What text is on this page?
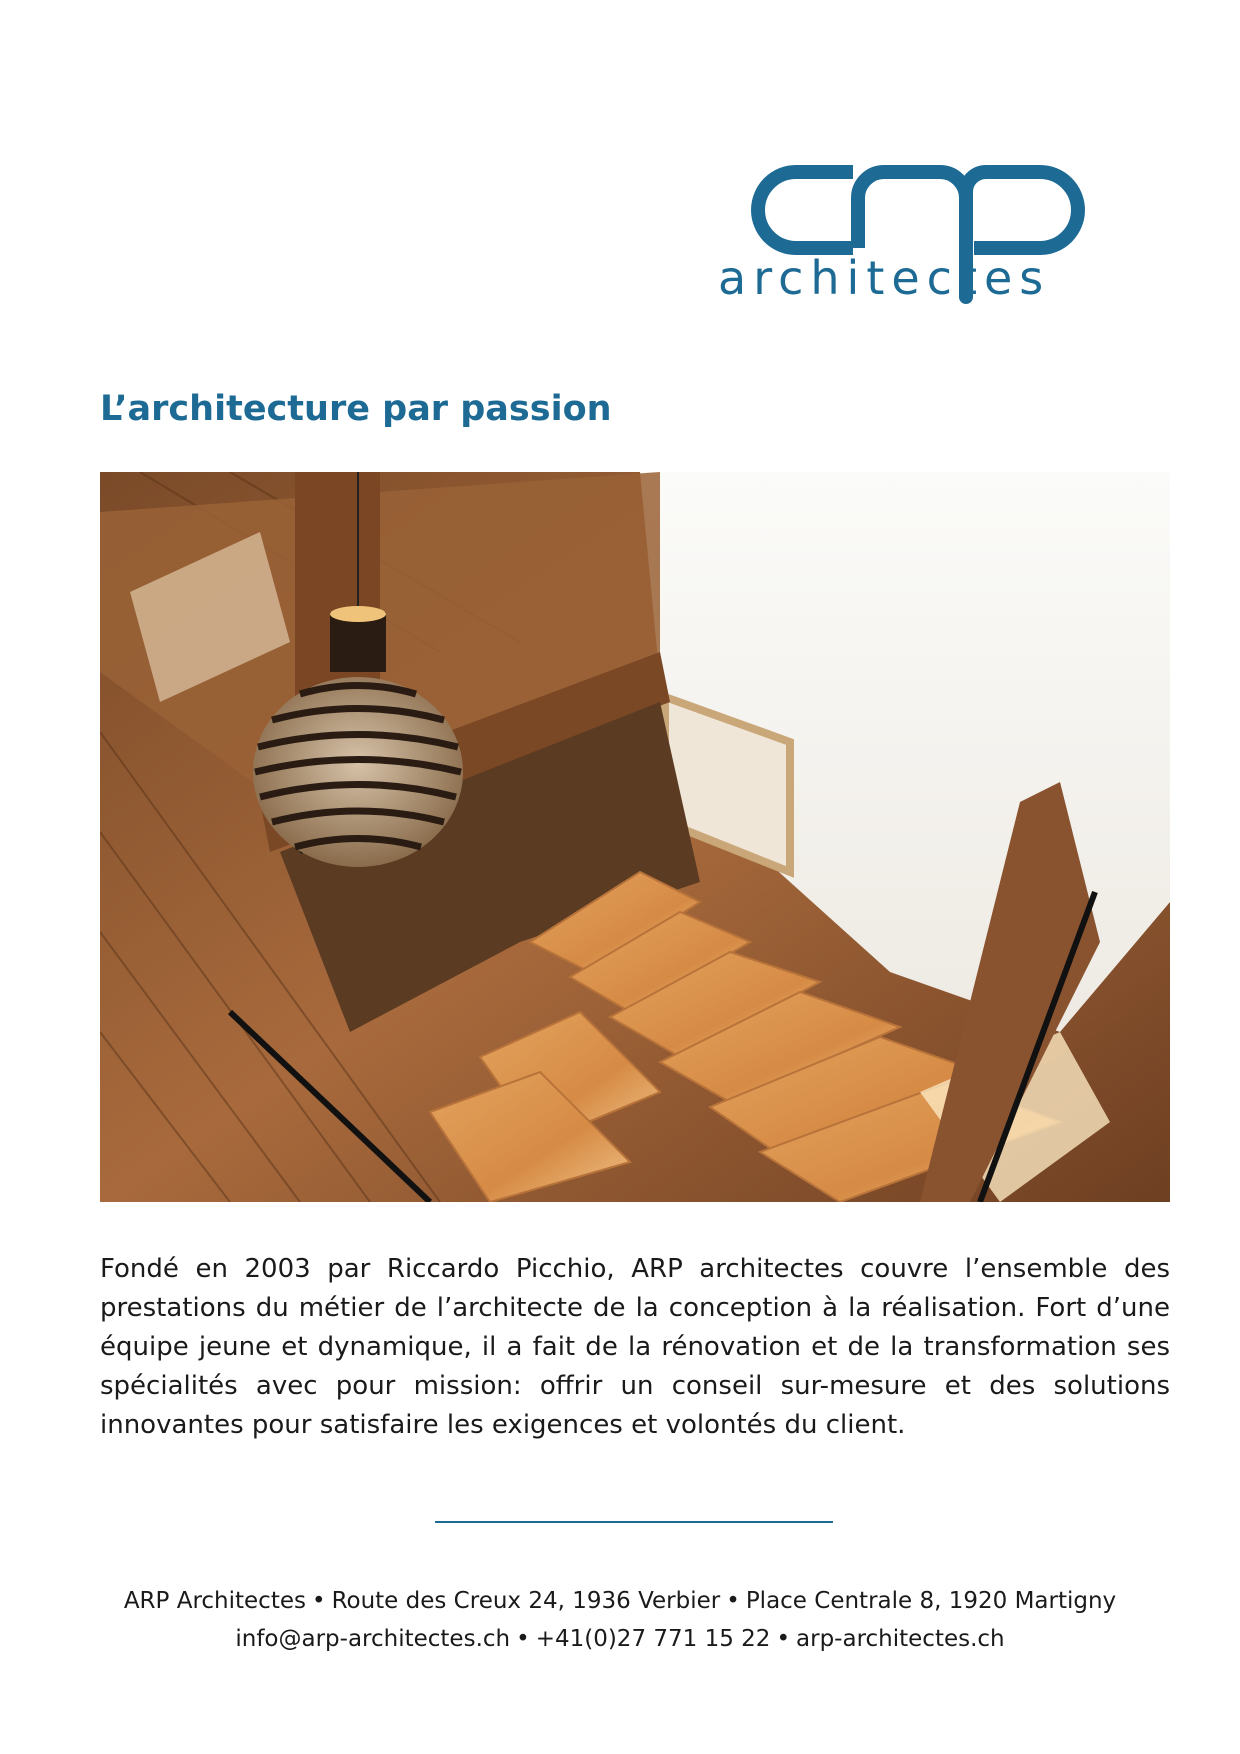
architectes
L’architecture par passion

Fondé en 2003 par Riccardo Picchio, ARP architectes couvre l’ensemble des prestations du métier de l’architecte de la conception à la réalisation. Fort d’une équipe jeune et dynamique, il a fait de la rénovation et de la transformation ses spécialités avec pour mission: offrir un conseil sur-mesure et des solutions innovantes pour satisfaire les exigences et volontés du client.

ARP Architectes • Route des Creux 24, 1936 Verbier • Place Centrale 8, 1920 Martigny
info@arp-architectes.ch • +41(0)27 771 15 22 • arp-architectes.ch
